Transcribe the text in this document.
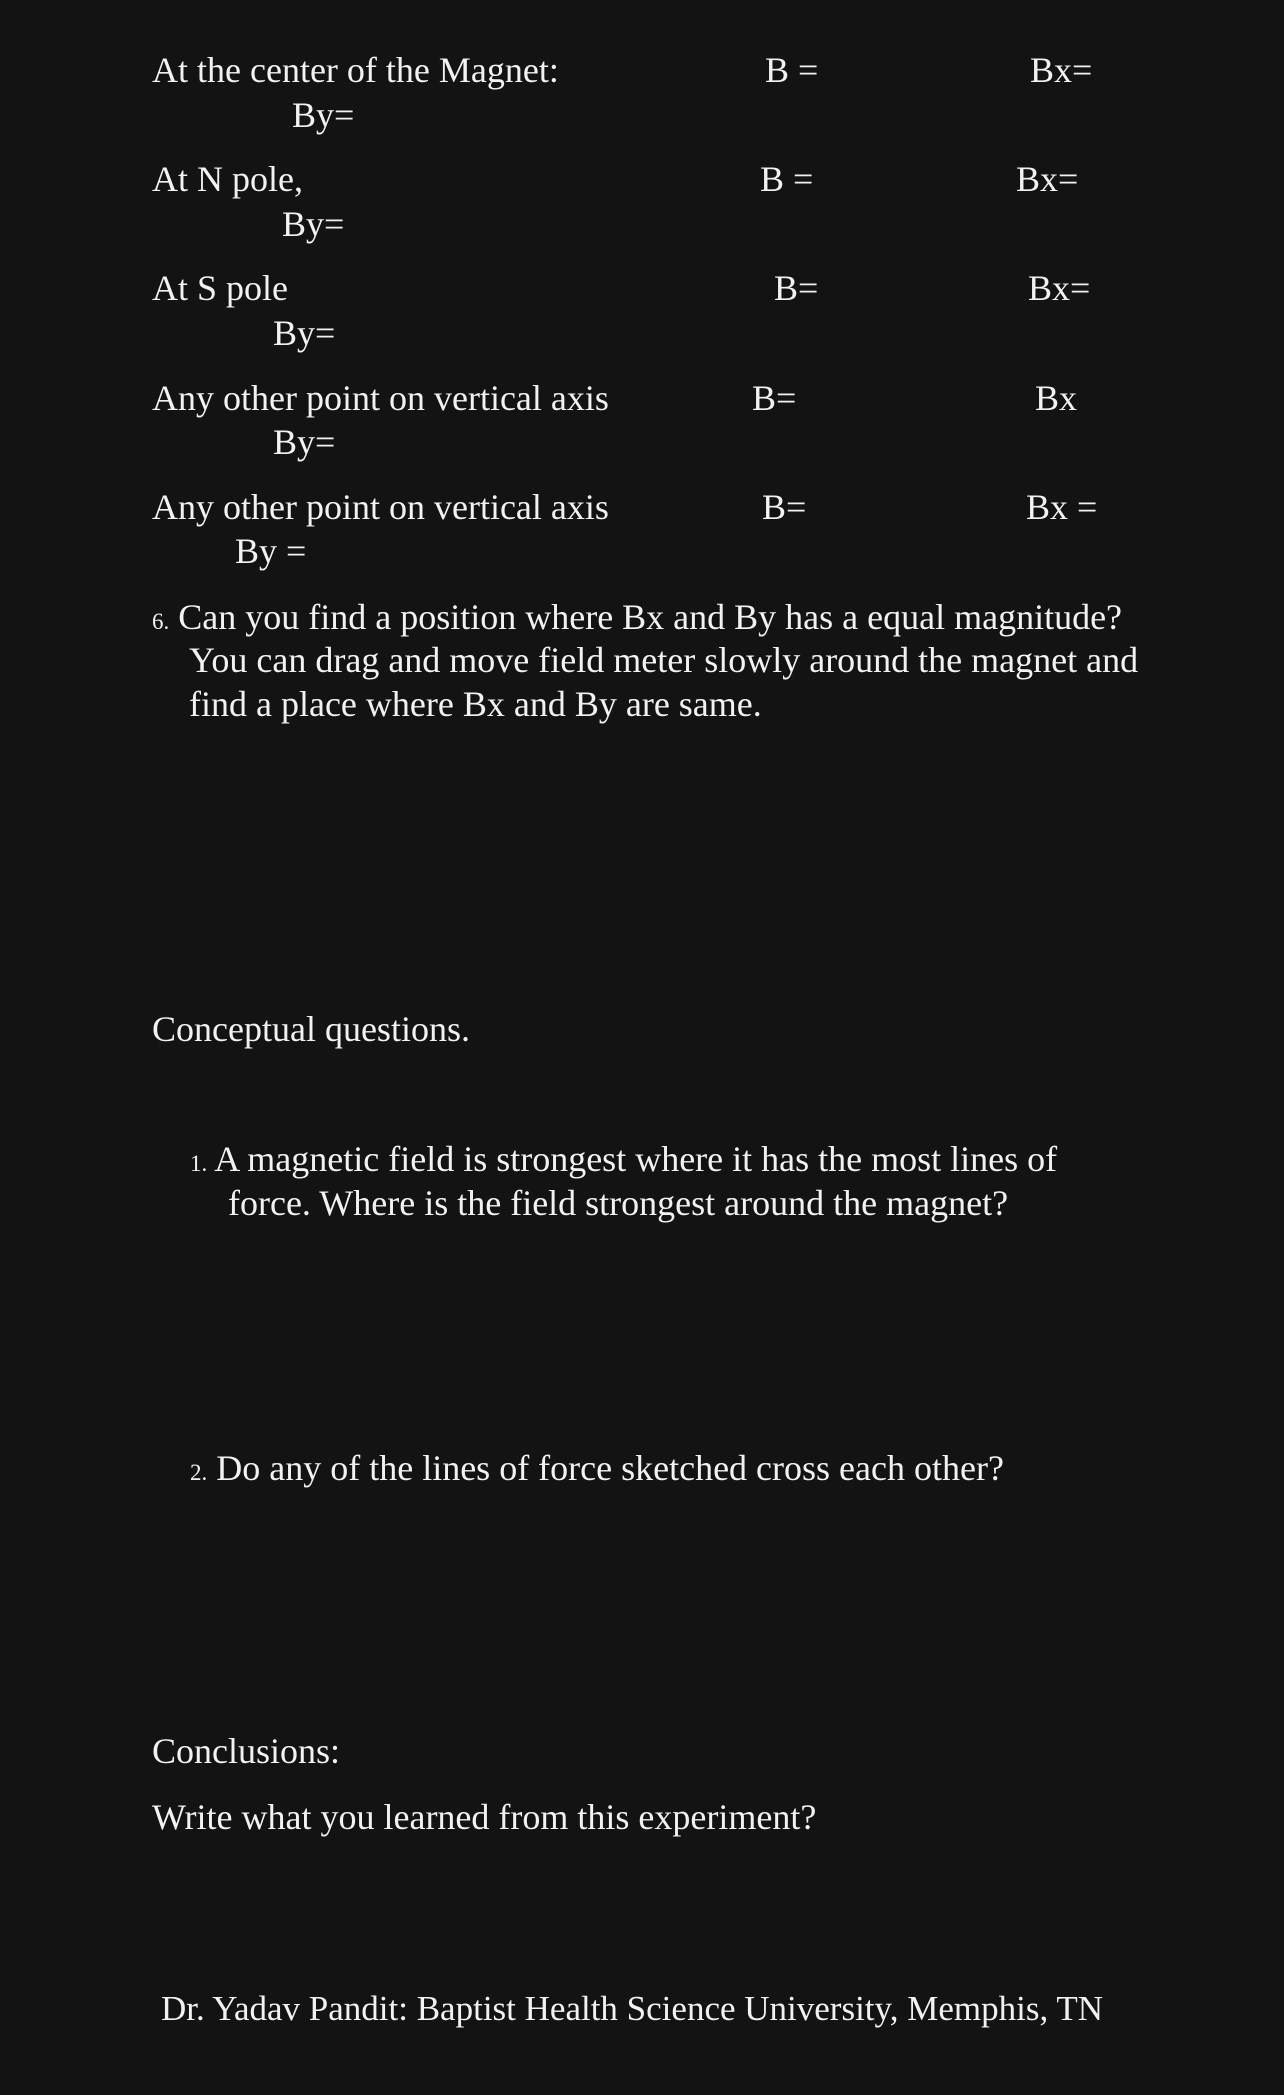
At the center of the Magnet:	B =	Bx=
By=
At N pole,	B =	Bx=
By=
At S pole	B=	Bx=
By=
Any other point on vertical axis	B=	Bx
By=
Any other point on vertical axis	B=	Bx =
By =
6. Can you find a position where Bx and By has a equal magnitude?
You can drag and move field meter slowly around the magnet and
find a place where Bx and By are same.
Conceptual questions.
1. A magnetic field is strongest where it has the most lines of
force. Where is the field strongest around the magnet?
2. Do any of the lines of force sketched cross each other?
Conclusions:
Write what you learned from this experiment?
Dr. Yadav Pandit: Baptist Health Science University, Memphis, TN
